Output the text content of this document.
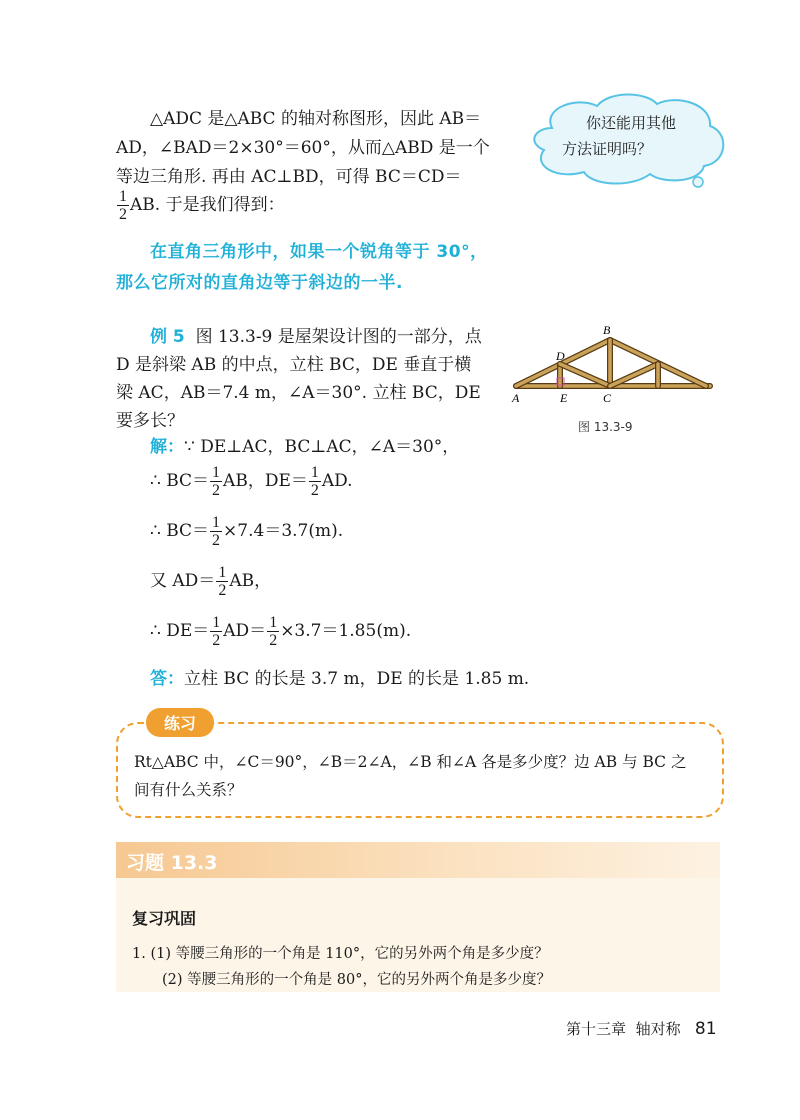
△ADC 是△ABC 的轴对称图形，因此 AB＝
AD，∠BAD＝2×30°＝60°，从而△ABD 是一个
等边三角形. 再由 AC⊥BD，可得 BC＝CD＝
$\frac{1}{2}$ AB. 于是我们得到：
你还能用其他
方法证明吗？
在直角三角形中，如果一个锐角等于 30°，
那么它所对的直角边等于斜边的一半.
例 5 图 13.3-9 是屋架设计图的一部分，点
D 是斜梁 AB 的中点，立柱 BC，DE 垂直于横
梁 AC，AB＝7.4 m，∠A＝30°. 立柱 BC，DE
要多长？
A
B
C
D
E
图 13.3-9
解：∵ DE⊥AC，BC⊥AC，∠A＝30°，
∴ $BC= \frac{1}{2}$ AB，$DE= \frac{1}{2}$ AD.
∴ $BC= \frac{1}{2} \times 7.4=3.7(m)$.
又 $AD= \frac{1}{2}$ AB，
∴ $DE= \frac{1}{2} AD= \frac{1}{2} \times 3.7=1.85(m)$.
答：立柱 BC 的长是 3.7 m，DE 的长是 1.85 m.
练习
Rt△ABC 中，∠C＝90°，∠B＝2∠A，∠B 和∠A 各是多少度？边 AB 与 BC 之
间有什么关系？
习题 13.3
复习巩固
1. (1) 等腰三角形的一个角是 110°，它的另外两个角是多少度？
(2) 等腰三角形的一个角是 80°，它的另外两个角是多少度？
第十三章 轴对称 81
